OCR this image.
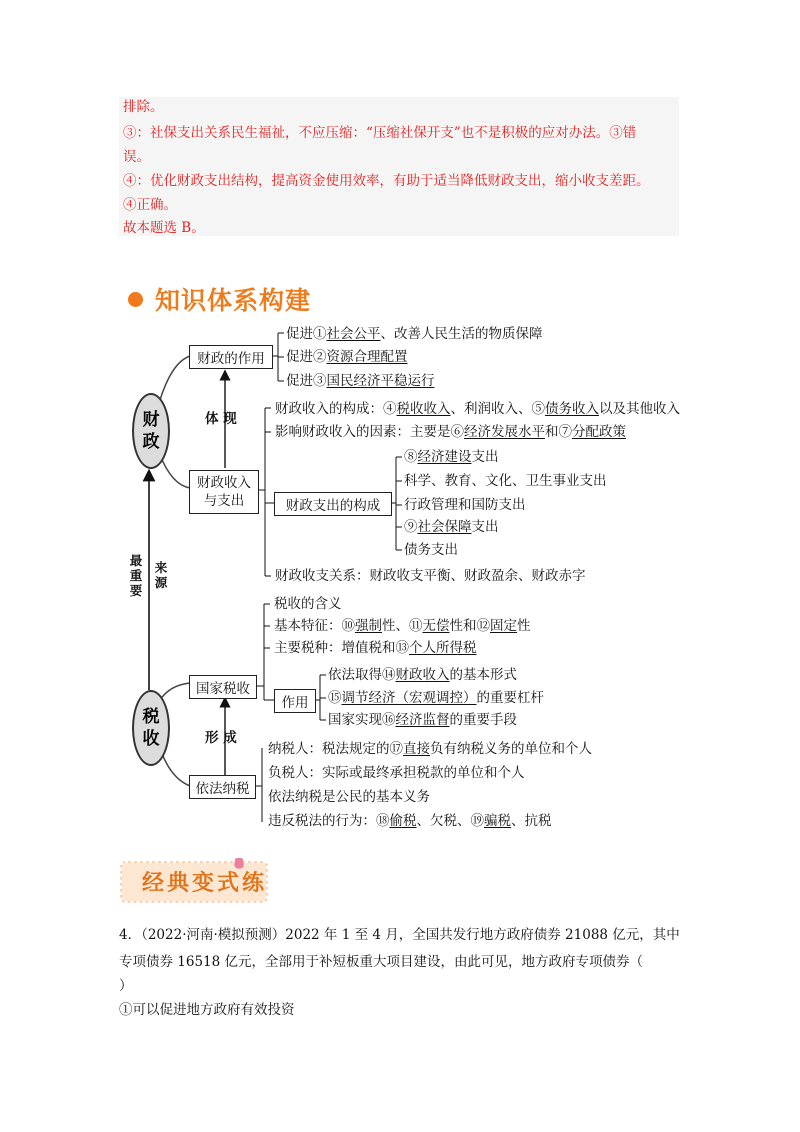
排除。
③：社保支出关系民生福祉，不应压缩：“压缩社保开支”也不是积极的应对办法。③错
误。
④：优化财政支出结构，提高资金使用效率，有助于适当降低财政支出，缩小收支差距。
④正确。
故本题选 B。
知识体系构建
财
政
税
收
最
重
要
来
源
体 现
形 成
财政的作用
促进①社会公平、改善人民生活的物质保障
促进②资源合理配置
促进③国民经济平稳运行
财政收入
与支出
财政收入的构成：④税收收入、利润收入、⑤债务收入以及其他收入
影响财政收入的因素：主要是⑥经济发展水平和⑦分配政策
财政支出的构成
⑧经济建设支出
科学、教育、文化、卫生事业支出
行政管理和国防支出
⑨社会保障支出
债务支出
财政收支关系：财政收支平衡、财政盈余、财政赤字
国家税收
税收的含义
基本特征：⑩强制性、⑪无偿性和⑫固定性
主要税种：增值税和⑬个人所得税
作用
依法取得⑭财政收入的基本形式
⑮调节经济（宏观调控）的重要杠杆
国家实现⑯经济监督的重要手段
依法纳税
纳税人：税法规定的⑰直接负有纳税义务的单位和个人
负税人：实际或最终承担税款的单位和个人
依法纳税是公民的基本义务
违反税法的行为：⑱偷税、欠税、⑲骗税、抗税
经典变式练
4．（2022·河南·模拟预测）2022 年 1 至 4 月，全国共发行地方政府债券 21088 亿元，其中
专项债券 16518 亿元，全部用于补短板重大项目建设，由此可见，地方政府专项债券（
）
①可以促进地方政府有效投资
